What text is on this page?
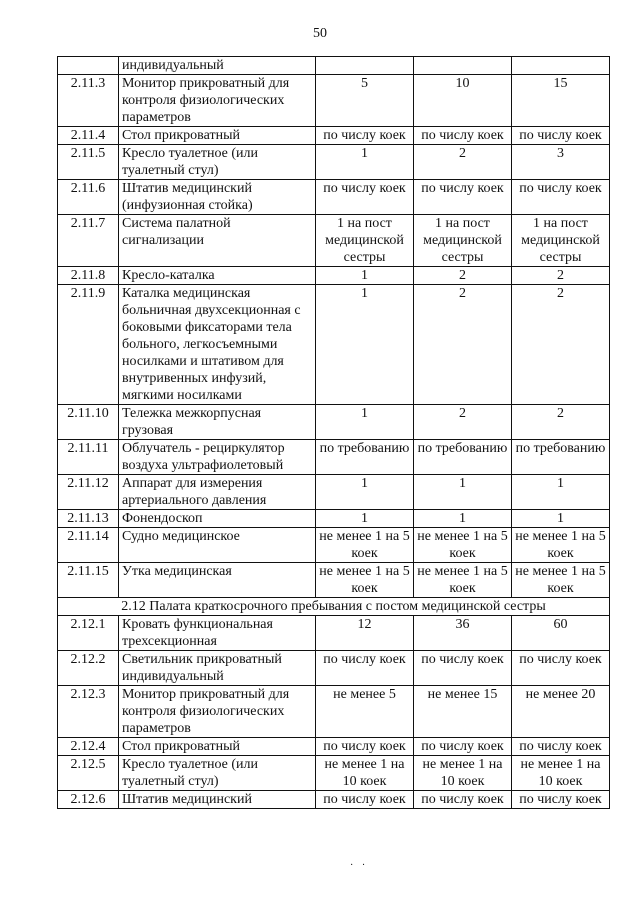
50
	индивидуальный			
2.11.3	Монитор прикроватный для контроля физиологических параметров	5	10	15
2.11.4	Стол прикроватный	по числу коек	по числу коек	по числу коек
2.11.5	Кресло туалетное (или туалетный стул)	1	2	3
2.11.6	Штатив медицинский (инфузионная стойка)	по числу коек	по числу коек	по числу коек
2.11.7	Система палатной сигнализации	1 на пост медицинской сестры	1 на пост медицинской сестры	1 на пост медицинской сестры
2.11.8	Кресло-каталка	1	2	2
2.11.9	Каталка медицинская больничная двухсекционная с боковыми фиксаторами тела больного, легкосъемными носилками и штативом для внутривенных инфузий, мягкими носилками	1	2	2
2.11.10	Тележка межкорпусная грузовая	1	2	2
2.11.11	Облучатель - рециркулятор воздуха ультрафиолетовый	по требованию	по требованию	по требованию
2.11.12	Аппарат для измерения артериального давления	1	1	1
2.11.13	Фонендоскоп	1	1	1
2.11.14	Судно медицинское	не менее 1 на 5 коек	не менее 1 на 5 коек	не менее 1 на 5 коек
2.11.15	Утка медицинская	не менее 1 на 5 коек	не менее 1 на 5 коек	не менее 1 на 5 коек
2.12 Палата краткосрочного пребывания с постом медицинской сестры				
2.12.1	Кровать функциональная трехсекционная	12	36	60
2.12.2	Светильник прикроватный индивидуальный	по числу коек	по числу коек	по числу коек
2.12.3	Монитор прикроватный для контроля физиологических параметров	не менее 5	не менее 15	не менее 20
2.12.4	Стол прикроватный	по числу коек	по числу коек	по числу коек
2.12.5	Кресло туалетное (или туалетный стул)	не менее 1 на 10 коек	не менее 1 на 10 коек	не менее 1 на 10 коек
2.12.6	Штатив медицинский	по числу коек	по числу коек	по числу коек
· ·
